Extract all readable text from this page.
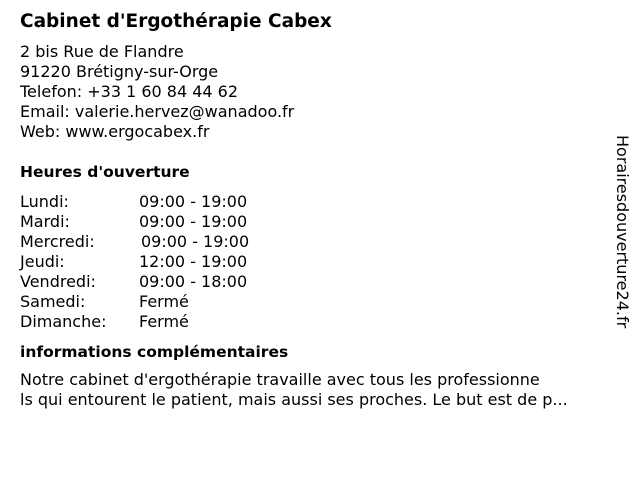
Cabinet d'Ergothérapie Cabex
2 bis Rue de Flandre
91220 Brétigny-sur-Orge
Telefon: +33 1 60 84 44 62
Email: valerie.hervez@wanadoo.fr
Web: www.ergocabex.fr
Heures d'ouverture
Lundi:	09:00 - 19:00
Mardi:	09:00 - 19:00
Mercredi:	09:00 - 19:00
Jeudi:	12:00 - 19:00
Vendredi:	09:00 - 18:00
Samedi:	Fermé
Dimanche: Fermé
informations complémentaires
Notre cabinet d'ergothérapie travaille avec tous les professionne
ls qui entourent le patient, mais aussi ses proches. Le but est de p...
Horairesdouverture24.fr
